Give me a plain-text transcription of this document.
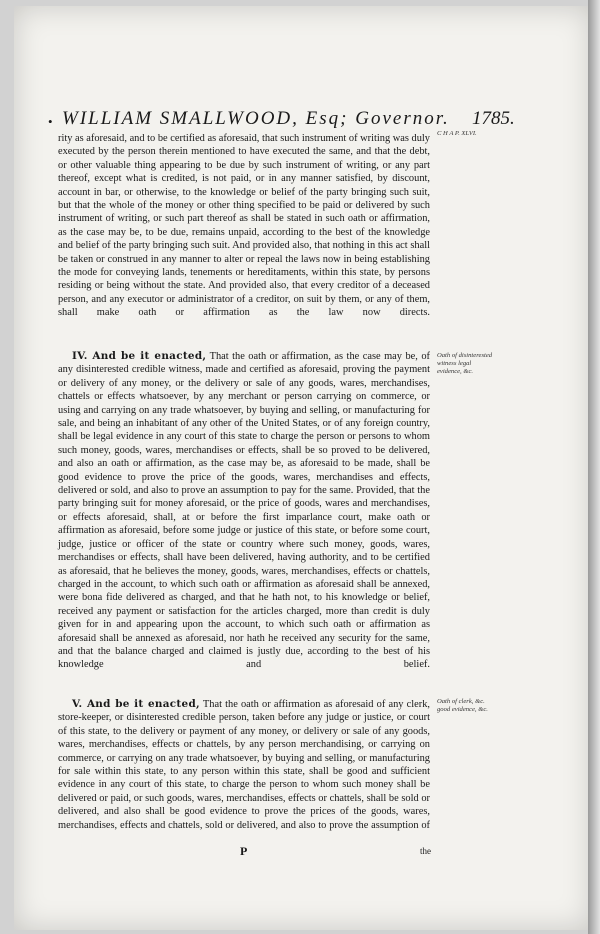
• WILLIAM SMALLWOOD, Esq; Governor. 1785.
C H A P. XLVI.
Oath of disinterested witness legal evidence, &c.
Oath of clerk, &c. good evidence, &c.

rity as aforesaid, and to be certified as aforesaid, that such instrument of writing was duly executed by the person therein mentioned to have executed the same, and that the debt, or other valuable thing appearing to be due by such instrument of writing, or any part thereof, except what is credited, is not paid, or in any manner satisfied, by discount, account in bar, or otherwise, to the knowledge or belief of the party bringing such suit, but that the whole of the money or other thing specified to be paid or delivered by such instrument of writing, or such part thereof as shall be stated in such oath or affirmation, as the case may be, to be due, remains unpaid, according to the best of the knowledge and belief of the party bringing such suit. And provided also, that nothing in this act shall be taken or construed in any manner to alter or repeal the laws now in being establishing the mode for conveying lands, tenements or hereditaments, within this state, by persons residing or being without the state. And provided also, that every creditor of a deceased person, and any executor or administrator of a creditor, on suit by them, or any of them, shall make oath or affirmation as the law now directs.

IV. And be it enacted, That the oath or affirmation, as the case may be, of any disinterested credible witness, made and certified as aforesaid, proving the payment or delivery of any money, or the delivery or sale of any goods, wares, merchandises, chattels or effects whatsoever, by any merchant or person carrying on commerce, or using and carrying on any trade whatsoever, by buying and selling, or manufacturing for sale, and being an inhabitant of any other of the United States, or of any foreign country, shall be legal evidence in any court of this state to charge the person or persons to whom such money, goods, wares, merchandises or effects, shall be so proved to be delivered, and also an oath or affirmation, as the case may be, as aforesaid to be made, shall be good evidence to prove the price of the goods, wares, merchandises and effects, delivered or sold, and also to prove an assumption to pay for the same. Provided, that the party bringing suit for money aforesaid, or the price of goods, wares and merchandises, or effects aforesaid, shall, at or before the first imparlance court, make oath or affirmation as aforesaid, before some judge or justice of this state, or before some court, judge, justice or officer of the state or country where such money, goods, wares, merchandises or effects, shall have been delivered, having authority, and to be certified as aforesaid, that he believes the money, goods, wares, merchandises, effects or chattels, charged in the account, to which such oath or affirmation as aforesaid shall be annexed, were bona fide delivered as charged, and that he hath not, to his knowledge or belief, received any payment or satisfaction for the articles charged, more than credit is duly given for in and appearing upon the account, to which such oath or affirmation as aforesaid shall be annexed as aforesaid, nor hath he received any security for the same, and that the balance charged and claimed is justly due, according to the best of his knowledge and belief.

V. And be it enacted, That the oath or affirmation as aforesaid of any clerk, store-keeper, or disinterested credible person, taken before any judge or justice, or court of this state, to the delivery or payment of any money, or delivery or sale of any goods, wares, merchandises, effects or chattels, by any person merchandising, or carrying on commerce, or carrying on any trade whatsoever, by buying and selling, or manufacturing for sale within this state, to any person within this state, shall be good and sufficient evidence in any court of this state, to charge the person to whom such money shall be delivered or paid, or such goods, wares, merchandises, effects or chattels, shall be sold or delivered, and also shall be good evidence to prove the prices of the goods, wares, merchandises, effects and chattels, sold or delivered, and also to prove the assumption of

P	the
